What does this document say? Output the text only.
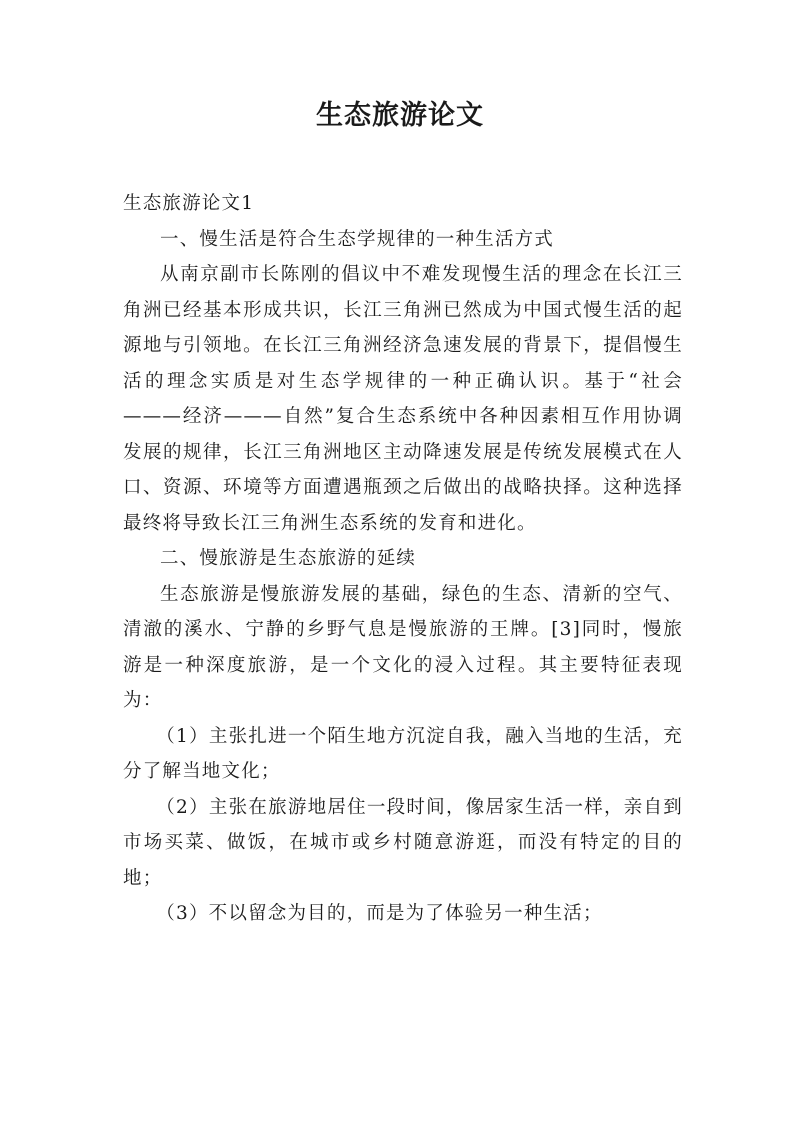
生态旅游论文

生态旅游论文1

一、慢生活是符合生态学规律的一种生活方式

从南京副市长陈刚的倡议中不难发现慢生活的理念在长江三角洲已经基本形成共识，长江三角洲已然成为中国式慢生活的起源地与引领地。在长江三角洲经济急速发展的背景下，提倡慢生活的理念实质是对生态学规律的一种正确认识。基于“社会———经济———自然”复合生态系统中各种因素相互作用协调发展的规律，长江三角洲地区主动降速发展是传统发展模式在人口、资源、环境等方面遭遇瓶颈之后做出的战略抉择。这种选择最终将导致长江三角洲生态系统的发育和进化。

二、慢旅游是生态旅游的延续

生态旅游是慢旅游发展的基础，绿色的生态、清新的空气、清澈的溪水、宁静的乡野气息是慢旅游的王牌。[3]同时，慢旅游是一种深度旅游，是一个文化的浸入过程。其主要特征表现为：

（1）主张扎进一个陌生地方沉淀自我，融入当地的生活，充分了解当地文化；

（2）主张在旅游地居住一段时间，像居家生活一样，亲自到市场买菜、做饭，在城市或乡村随意游逛，而没有特定的目的地；

（3）不以留念为目的，而是为了体验另一种生活；
